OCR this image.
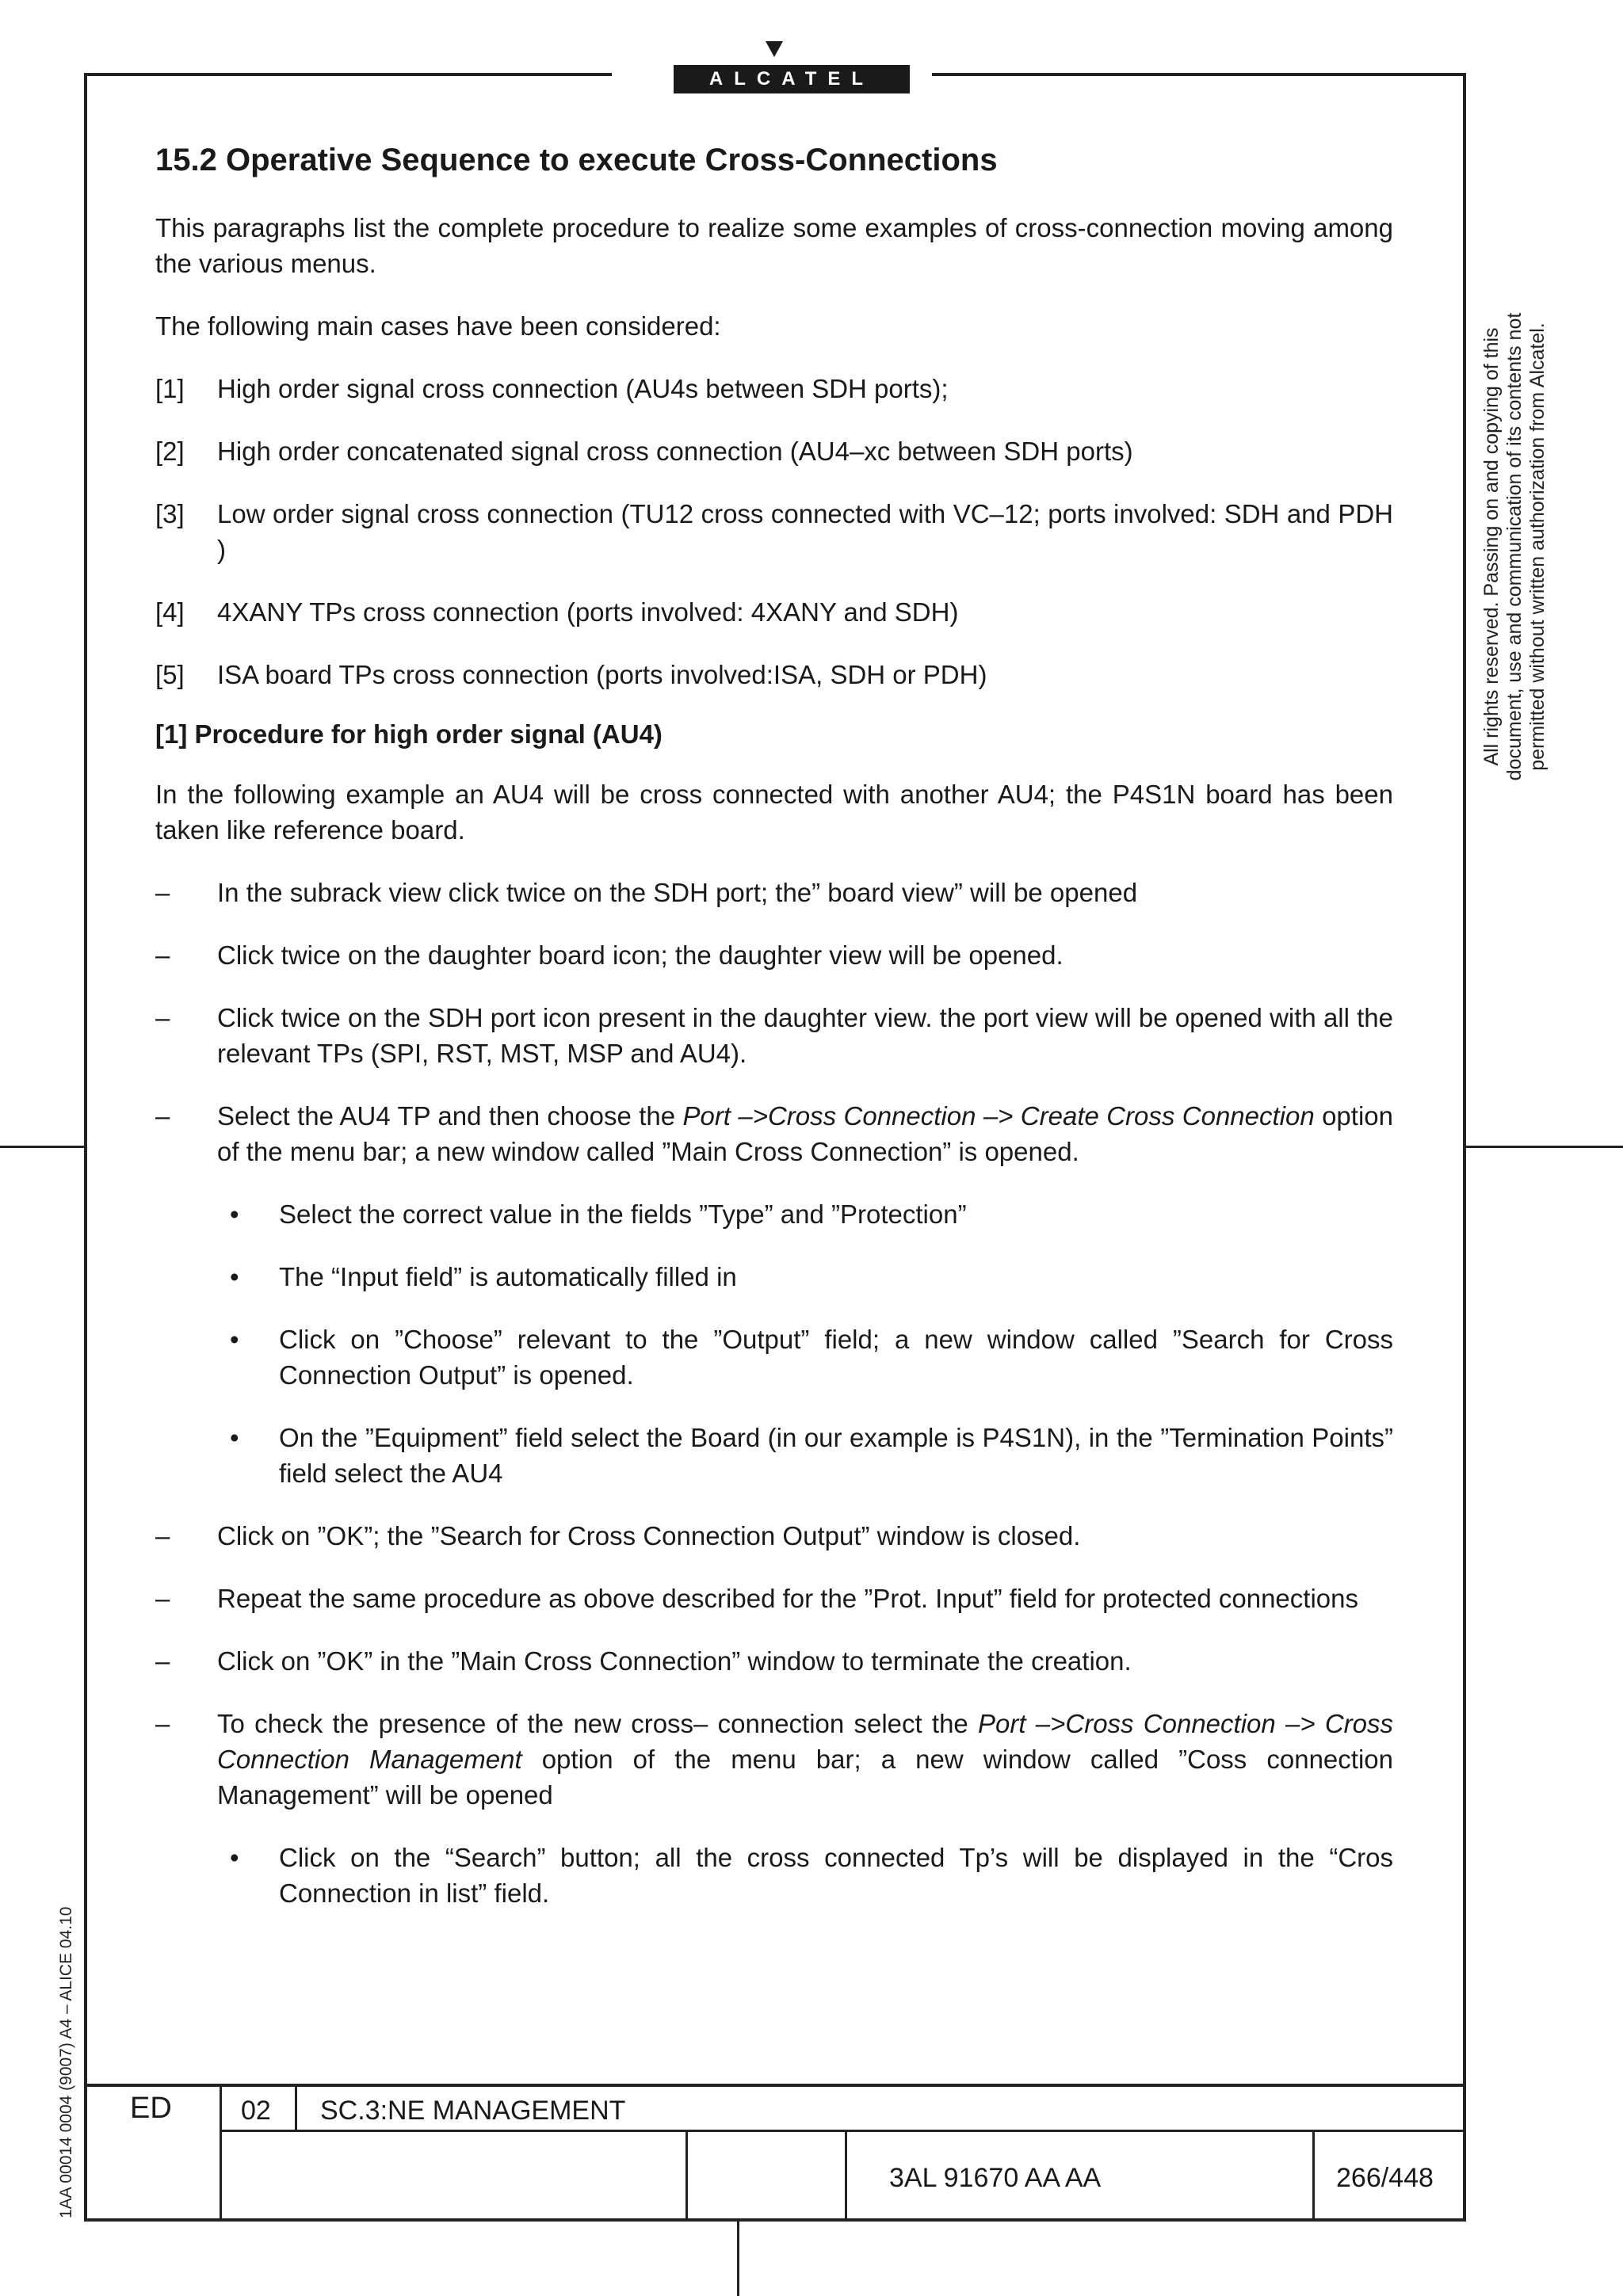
ALCATEL
15.2 Operative Sequence to execute Cross-Connections
This paragraphs list the complete procedure to realize some examples of cross-connection moving among the various menus.
The following main cases have been considered:
[1]	High order signal cross connection (AU4s between SDH ports);
[2]	High order concatenated signal cross connection (AU4–xc between SDH ports)
[3]	Low order signal cross connection (TU12 cross connected with VC–12; ports involved: SDH and PDH )
[4]	4XANY TPs cross connection (ports involved: 4XANY and SDH)
[5]	ISA board TPs cross connection (ports involved:ISA, SDH or PDH)
[1] Procedure for high order signal (AU4)
In the following example an AU4 will be cross connected with another AU4; the P4S1N board has been taken like reference board.
–	In the subrack view click twice on the SDH port; the” board view” will be opened
–	Click twice on the daughter board icon; the daughter view will be opened.
–	Click twice on the SDH port icon present in the daughter view. the port view will be opened with all the relevant TPs (SPI, RST, MST, MSP and AU4).
–	Select the AU4 TP and then choose the Port –>Cross Connection –> Create Cross Connection option of the menu bar; a new window called ”Main Cross Connection” is opened.
•	Select the correct value in the fields ”Type” and ”Protection”
•	The “Input field” is automatically filled in
•	Click on ”Choose” relevant to the ”Output” field; a new window called ”Search for Cross Connection Output” is opened.
•	On the ”Equipment” field select the Board (in our example is P4S1N), in the ”Termination Points” field select the AU4
–	Click on ”OK”; the ”Search for Cross Connection Output” window is closed.
–	Repeat the same procedure as obove described for the ”Prot. Input” field for protected connections
–	Click on ”OK” in the ”Main Cross Connection” window to terminate the creation.
–	To check the presence of the new cross– connection select the Port –>Cross Connection –> Cross Connection Management option of the menu bar; a new window called ”Coss connection Management” will be opened
•	Click on the “Search” button; all the cross connected Tp’s will be displayed in the “Cros Connection in list” field.
All rights reserved. Passing on and copying of this document, use and communication of its contents not permitted without written authorization from Alcatel.
1AA 00014 0004 (9007) A4 – ALICE 04.10 ED	02 SC.3:NE MANAGEMENT
3AL 91670 AA AA	266/448
